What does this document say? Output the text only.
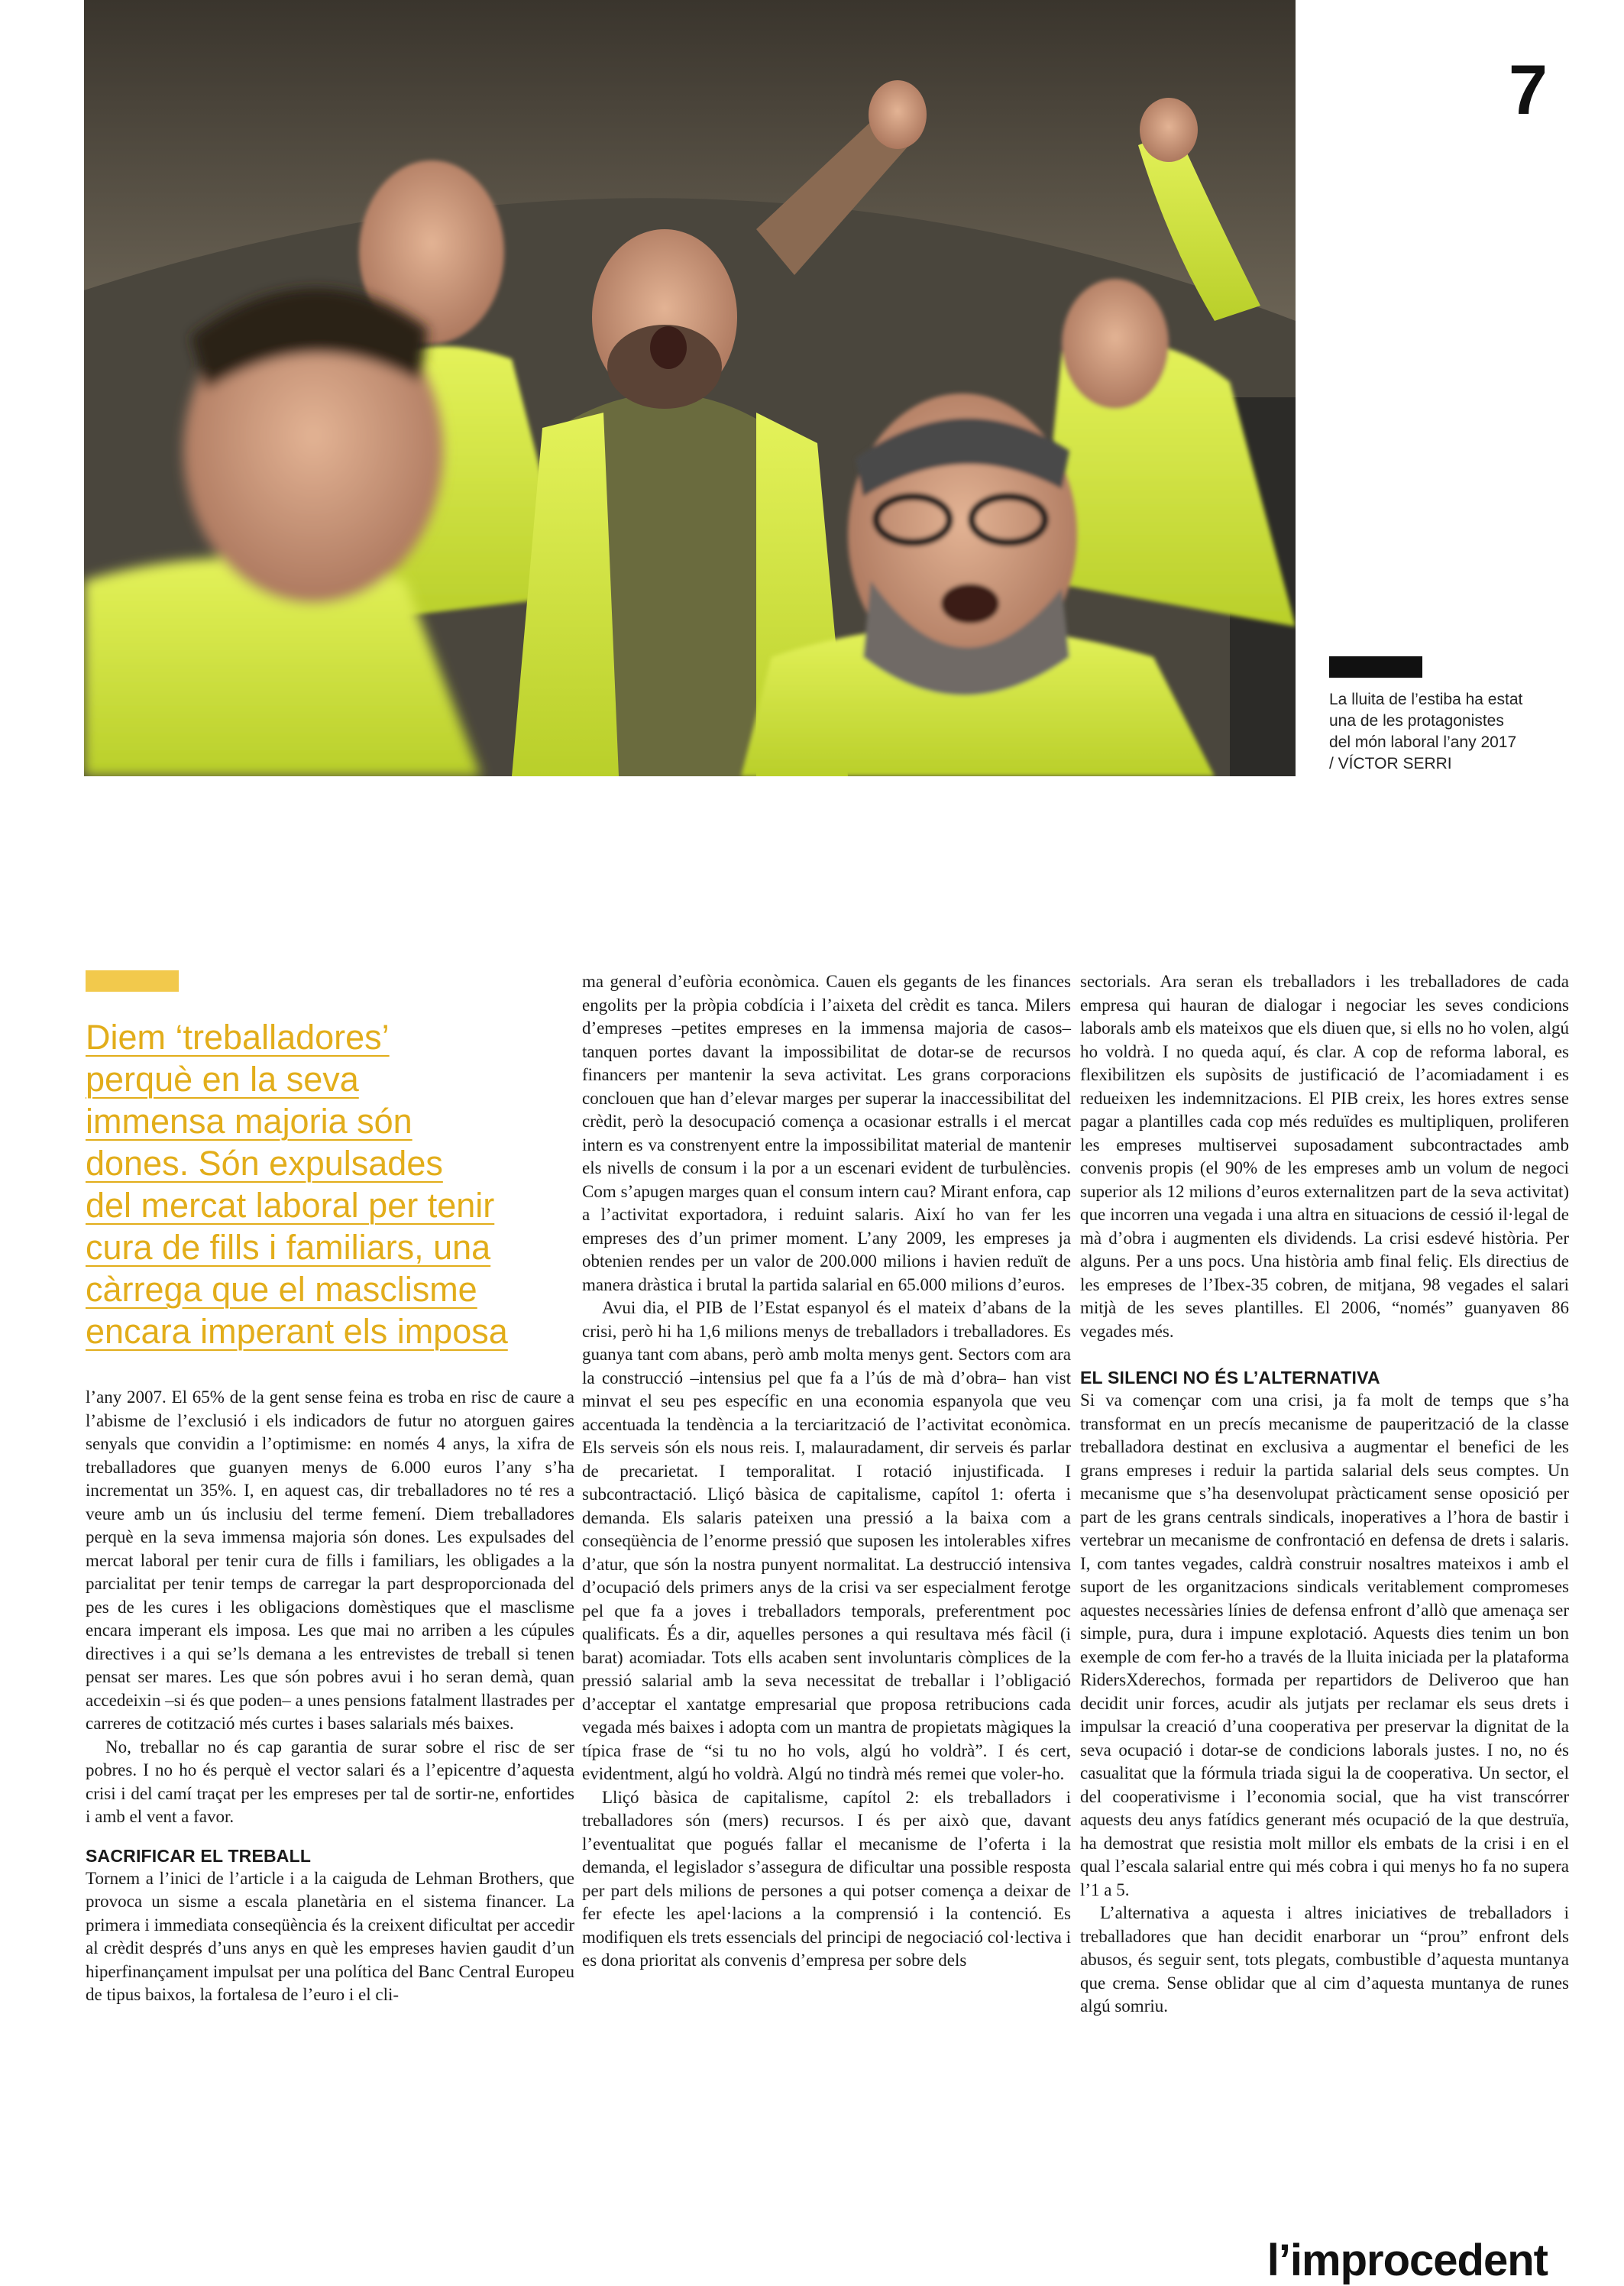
7
La lluita de l’estiba ha estat
una de les protagonistes
del món laboral l’any 2017
/ VÍCTOR SERRI
Diem ‘treballadores’
perquè en la seva
immensa majoria són
dones. Són expulsades
del mercat laboral per tenir
cura de fills i familiars, una
càrrega que el masclisme
encara imperant els imposa

l’any 2007. El 65% de la gent sense feina es troba en risc de caure a l’abisme de l’exclusió i els indicadors de futur no atorguen gaires senyals que convidin a l’optimisme: en només 4 anys, la xifra de treballadores que guanyen menys de 6.000 euros l’any s’ha incrementat un 35%. I, en aquest cas, dir treballadores no té res a veure amb un ús inclusiu del terme femení. Diem treballadores perquè en la seva immensa majoria són dones. Les expulsades del mercat laboral per tenir cura de fills i familiars, les obligades a la parcialitat per tenir temps de carregar la part desproporcionada del pes de les cures i les obligacions domèstiques que el masclisme encara imperant els imposa. Les que mai no arriben a les cúpules directives i a qui se’ls demana a les entrevistes de treball si tenen pensat ser mares. Les que són pobres avui i ho seran demà, quan accedeixin –si és que poden– a unes pensions fatalment llastrades per carreres de cotització més curtes i bases salarials més baixes.

No, treballar no és cap garantia de surar sobre el risc de ser pobres. I no ho és perquè el vector salari és a l’epicentre d’aquesta crisi i del camí traçat per les empreses per tal de sortir-ne, enfortides i amb el vent a favor.

SACRIFICAR EL TREBALL

Tornem a l’inici de l’article i a la caiguda de Lehman Brothers, que provoca un sisme a escala planetària en el sistema financer. La primera i immediata conseqüència és la creixent dificultat per accedir al crèdit després d’uns anys en què les empreses havien gaudit d’un hiperfinançament impulsat per una política del Banc Central Europeu de tipus baixos, la fortalesa de l’euro i el cli-

ma general d’eufòria econòmica. Cauen els gegants de les finances engolits per la pròpia cobdícia i l’aixeta del crèdit es tanca. Milers d’empreses –petites empreses en la immensa majoria de casos– tanquen portes davant la impossibilitat de dotar-se de recursos financers per mantenir la seva activitat. Les grans corporacions conclouen que han d’elevar marges per superar la inaccessibilitat del crèdit, però la desocupació comença a ocasionar estralls i el mercat intern es va constrenyent entre la impossibilitat material de mantenir els nivells de consum i la por a un escenari evident de turbulències. Com s’apugen marges quan el consum intern cau? Mirant enfora, cap a l’activitat exportadora, i reduint salaris. Així ho van fer les empreses des d’un primer moment. L’any 2009, les empreses ja obtenien rendes per un valor de 200.000 milions i havien reduït de manera dràstica i brutal la partida salarial en 65.000 milions d’euros.

Avui dia, el PIB de l’Estat espanyol és el mateix d’abans de la crisi, però hi ha 1,6 milions menys de treballadors i treballadores. Es guanya tant com abans, però amb molta menys gent. Sectors com ara la construcció –intensius pel que fa a l’ús de mà d’obra– han vist minvat el seu pes específic en una economia espanyola que veu accentuada la tendència a la terciarització de l’activitat econòmica. Els serveis són els nous reis. I, malauradament, dir serveis és parlar de precarietat. I temporalitat. I rotació injustificada. I subcontractació. Lliçó bàsica de capitalisme, capítol 1: oferta i demanda. Els salaris pateixen una pressió a la baixa com a conseqüència de l’enorme pressió que suposen les intolerables xifres d’atur, que són la nostra punyent normalitat. La destrucció intensiva d’ocupació dels primers anys de la crisi va ser especialment ferotge pel que fa a joves i treballadors temporals, preferentment poc qualificats. És a dir, aquelles persones a qui resultava més fàcil (i barat) acomiadar. Tots ells acaben sent involuntaris còmplices de la pressió salarial amb la seva necessitat de treballar i l’obligació d’acceptar el xantatge empresarial que proposa retribucions cada vegada més baixes i adopta com un mantra de propietats màgiques la típica frase de “si tu no ho vols, algú ho voldrà”. I és cert, evidentment, algú ho voldrà. Algú no tindrà més remei que voler-ho.

Lliçó bàsica de capitalisme, capítol 2: els treballadors i treballadores són (mers) recursos. I és per això que, davant l’eventualitat que pogués fallar el mecanisme de l’oferta i la demanda, el legislador s’assegura de dificultar una possible resposta per part dels milions de persones a qui potser comença a deixar de fer efecte les apel·lacions a la comprensió i la contenció. Es modifiquen els trets essencials del principi de negociació col·lectiva i es dona prioritat als convenis d’empresa per sobre dels

sectorials. Ara seran els treballadors i les treballadores de cada empresa qui hauran de dialogar i negociar les seves condicions laborals amb els mateixos que els diuen que, si ells no ho volen, algú ho voldrà. I no queda aquí, és clar. A cop de reforma laboral, es flexibilitzen els supòsits de justificació de l’acomiadament i es redueixen les indemnitzacions. El PIB creix, les hores extres sense pagar a plantilles cada cop més reduïdes es multipliquen, proliferen les empreses multiservei suposadament subcontractades amb convenis propis (el 90% de les empreses amb un volum de negoci superior als 12 milions d’euros externalitzen part de la seva activitat) que incorren una vegada i una altra en situacions de cessió il·legal de mà d’obra i augmenten els dividends. La crisi esdevé història. Per alguns. Per a uns pocs. Una història amb final feliç. Els directius de les empreses de l’Ibex-35 cobren, de mitjana, 98 vegades el salari mitjà de les seves plantilles. El 2006, “només” guanyaven 86 vegades més.

EL SILENCI NO ÉS L’ALTERNATIVA

Si va començar com una crisi, ja fa molt de temps que s’ha transformat en un precís mecanisme de pauperització de la classe treballadora destinat en exclusiva a augmentar el benefici de les grans empreses i reduir la partida salarial dels seus comptes. Un mecanisme que s’ha desenvolupat pràcticament sense oposició per part de les grans centrals sindicals, inoperatives a l’hora de bastir i vertebrar un mecanisme de confrontació en defensa de drets i salaris. I, com tantes vegades, caldrà construir nosaltres mateixos i amb el suport de les organitzacions sindicals veritablement compromeses aquestes necessàries línies de defensa enfront d’allò que amenaça ser simple, pura, dura i impune explotació. Aquests dies tenim un bon exemple de com fer-ho a través de la lluita iniciada per la plataforma RidersXderechos, formada per repartidors de Deliveroo que han decidit unir forces, acudir als jutjats per reclamar els seus drets i impulsar la creació d’una cooperativa per preservar la dignitat de la seva ocupació i dotar-se de condicions laborals justes. I no, no és casualitat que la fórmula triada sigui la de cooperativa. Un sector, el del cooperativisme i l’economia social, que ha vist transcórrer aquests deu anys fatídics generant més ocupació de la que destruïa, ha demostrat que resistia molt millor els embats de la crisi i en el qual l’escala salarial entre qui més cobra i qui menys ho fa no supera l’1 a 5.

L’alternativa a aquesta i altres iniciatives de treballadors i treballadores que han decidit enarborar un “prou” enfront dels abusos, és seguir sent, tots plegats, combustible d’aquesta muntanya que crema. Sense oblidar que al cim d’aquesta muntanya de runes algú somriu.

l’improcedent
